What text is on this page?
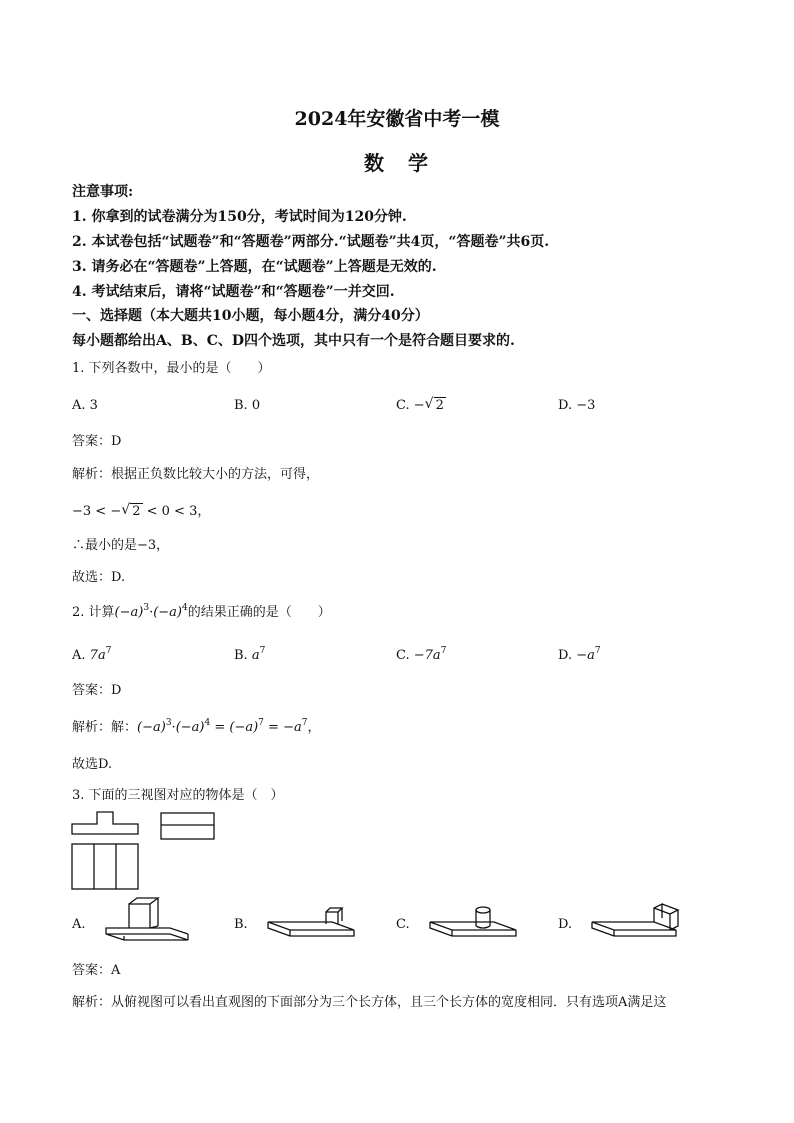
2024年安徽省中考一模
数　学
注意事项:
1. 你拿到的试卷满分为150分，考试时间为120分钟.
2. 本试卷包括“试题卷”和“答题卷”两部分.“试题卷”共4页，“答题卷”共6页.
3. 请务必在“答题卷”上答题，在“试题卷”上答题是无效的.
4. 考试结束后，请将“试题卷”和“答题卷”一并交回.
一、选择题（本大题共10小题，每小题4分，满分40分）
每小题都给出A、B、C、D四个选项，其中只有一个是符合题目要求的.
1. 下列各数中，最小的是（　　）
A. 3	B. 0	C. − √ 2	D. −3
答案：D
解析：根据正负数比较大小的方法，可得，
−3 < − √ 2 < 0 < 3，
∴最小的是−3，
故选：D.
2. 计算$(-a)^3\cdot(-a)^4$的结果正确的是（　　）
A. $7a^7$	B. $a^7$	C. $-7a^7$	D. $-a^7$
答案：D
解析：解：$(-a)^3\cdot(-a)^4 = (-a)^7 = -a^7$，
故选D.
3. 下面的三视图对应的物体是（　）
A.	B.	C.	D.
答案：A
解析：从俯视图可以看出直观图的下面部分为三个长方体，且三个长方体的宽度相同．只有选项A满足这
